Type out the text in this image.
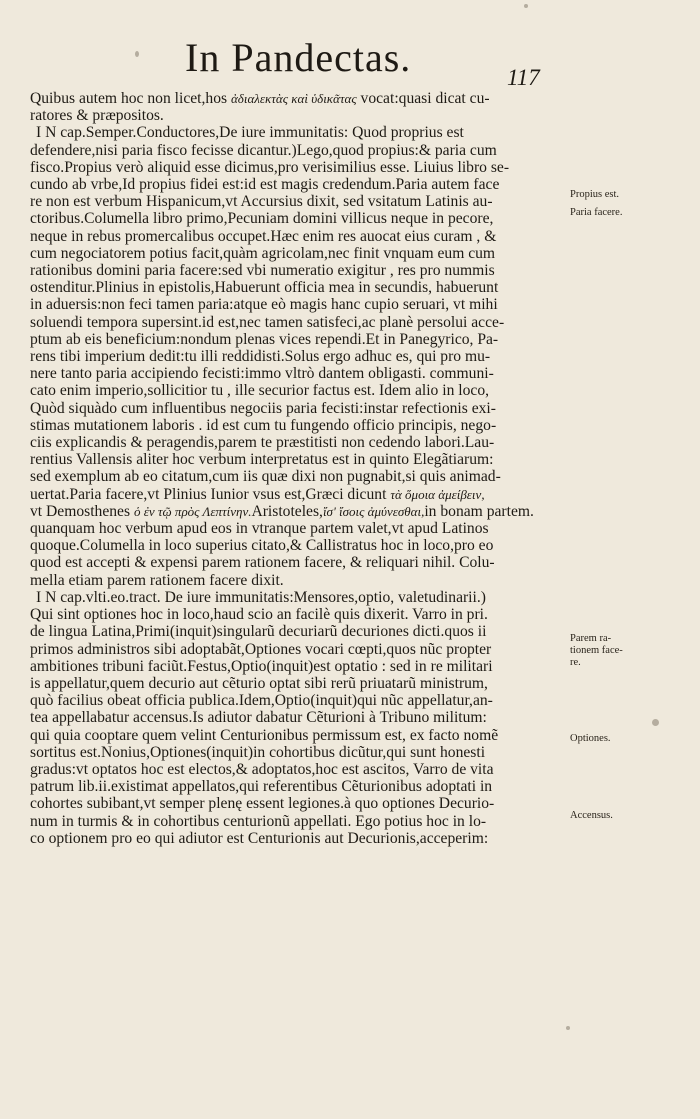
In Pandectas.	117
Quibus autem hoc non licet,hos ἀδιαλεκτὰς καὶ ὑδικᾶτας vocat:quasi dicat cu-
ratores & præpositos.
I N cap.Semper.Conductores,De iure immunitatis: Quod proprius est
defendere,nisi paria fisco fecisse dicantur.)Lego,quod propius:& paria cum
fisco.Propius verò aliquid esse dicimus,pro verisimilius esse. Liuius libro se-
cundo ab vrbe,Id propius fidei est:id est magis credendum.Paria autem face
re non est verbum Hispanicum,vt Accursius dixit, sed vsitatum Latinis au-
ctoribus.Columella libro primo,Pecuniam domini villicus neque in pecore,
neque in rebus promercalibus occupet.Hæc enim res auocat eius curam , &
cum negociatorem potius facit,quàm agricolam,nec finit vnquam eum cum
rationibus domini paria facere:sed vbi numeratio exigitur , res pro nummis
ostenditur.Plinius in epistolis,Habuerunt officia mea in secundis, habuerunt
in aduersis:non feci tamen paria:atque eò magis hanc cupio seruari, vt mihi
soluendi tempora supersint.id est,nec tamen satisfeci,ac planè persolui acce-
ptum ab eis beneficium:nondum plenas vices rependi.Et in Panegyrico, Pa-
rens tibi imperium dedit:tu illi reddidisti.Solus ergo adhuc es, qui pro mu-
nere tanto paria accipiendo fecisti:immo vltrò dantem obligasti. communi-
cato enim imperio,sollicitior tu , ille securior factus est. Idem alio in loco,
Quòd siquàdo cum influentibus negociis paria fecisti:instar refectionis exi-
stimas mutationem laboris . id est cum tu fungendo officio principis, nego-
ciis explicandis & peragendis,parem te præstitisti non cedendo labori.Lau-
rentius Vallensis aliter hoc verbum interpretatus est in quinto Elegãtiarum:
sed exemplum ab eo citatum,cum iis quæ dixi non pugnabit,si quis animad-
uertat.Paria facere,vt Plinius Iunior vsus est,Græci dicunt τὰ ὅμοια ἀμείβειν,
vt Demosthenes ὁ ἐν τῷ πρὸς Λεπτίνην.Aristoteles,ἴσ' ἴσοις ἀμύνεσθαι,in bonam partem.
quanquam hoc verbum apud eos in vtranque partem valet,vt apud Latinos
quoque.Columella in loco superius citato,& Callistratus hoc in loco,pro eo
quod est accepti & expensi parem rationem facere, & reliquari nihil. Colu-
mella etiam parem rationem facere dixit.
I N cap.vlti.eo.tract. De iure immunitatis:Mensores,optio, valetudinarii.)
Qui sint optiones hoc in loco,haud scio an facilè quis dixerit. Varro in pri.
de lingua Latina,Primi(inquit)singularũ decuriarũ decuriones dicti.quos ii
primos administros sibi adoptabãt,Optiones vocari cœpti,quos nũc propter
ambitiones tribuni faciũt.Festus,Optio(inquit)est optatio : sed in re militari
is appellatur,quem decurio aut cẽturio optat sibi rerũ priuatarũ ministrum,
quò facilius obeat officia publica.Idem,Optio(inquit)qui nũc appellatur,an-
tea appellabatur accensus.Is adiutor dabatur Cẽturioni à Tribuno militum:
qui quia cooptare quem velint Centurionibus permissum est, ex facto nomẽ
sortitus est.Nonius,Optiones(inquit)in cohortibus dicũtur,qui sunt honesti
gradus:vt optatos hoc est electos,& adoptatos,hoc est ascitos, Varro de vita
patrum lib.ii.existimat appellatos,qui referentibus Cẽturionibus adoptati in
cohortes subibant,vt semper plenę essent legiones.à quo optiones Decurio-
num in turmis & in cohortibus centurionũ appellati. Ego potius hoc in lo-
co optionem pro eo qui adiutor est Centurionis aut Decurionis,acceperim:
Propius est.
Paria facere.
Parem ra-
tionem face-
re.
Optiones.
Accensus.
